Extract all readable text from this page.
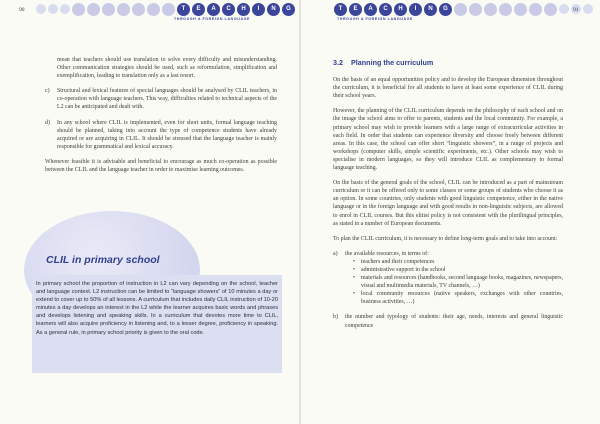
90	T	E	A	C	H	I	N	G
THROUGH A FOREIGN LANGUAGE
T	E	A	C	H	I	N	G
THROUGH A FOREIGN LANGUAGE
91

mean that teachers should use translation to solve every difficulty and misunderstanding. Other communication strategies should be used, such as reformulation, simplification and exemplification, leading to translation only as a last resort.

c)	Structural and lexical features of special languages should be analysed by CLIL teachers, in co-operation with language teachers. This way, difficulties related to technical aspects of the L2 can be anticipated and dealt with.
d)	In any school where CLIL is implemented, even for short units, formal language teaching should be planned, taking into account the type of competence students have already acquired or are acquiring in CLIL. It should be stressed that the language teacher is mainly responsible for grammatical and lexical accuracy.

Whenever feasible it is advisable and beneficial to encourage as much co-operation as possible between the CLIL and the language teacher in order to maximise learning outcomes.

CLIL in primary school
In primary school the proportion of instruction in L2 can vary depending on the school, teacher and language context. L2 instruction can be limited to “language showers” of 10 minutes a day or extend to cover up to 50% of all lessons. A curriculum that includes daily CLIL instruction of 10-20 minutes a day develops an interest in the L2 while the learner acquires basic words and phrases and develops listening and speaking skills. In a curriculum that devotes more time to CLIL, learners will also acquire proficiency in listening and, to a lesser degree, proficiency in speaking. As a general rule, in primary school priority is given to the oral code.
3.2 Planning the curriculum

On the basis of an equal opportunities policy and to develop the European dimension throughout the curriculum, it is beneficial for all students to have at least some experience of CLIL during their school years.

However, the planning of the CLIL curriculum depends on the philosophy of each school and on the image the school aims to offer to parents, students and the local community. For example, a primary school may wish to provide learners with a large range of extracurricular activities in each field. In order that students can experience diversity and choose freely between different areas. In this case, the school can offer short “linguistic showers”, in a range of projects and workshops (computer skills, simple scientific experiments, etc.). Other schools may wish to specialise in modern languages, so they will introduce CLIL as complementary to formal language teaching.

On the basis of the general goals of the school, CLIL can be introduced as a part of mainstream curriculum or it can be offered only to some classes or some groups of students who choose it as an option. In some countries, only students with good linguistic competence, either in the native language or in the foreign language and with good results in non-linguistic subjects, are allowed to enrol in CLIL courses. But this elitist policy is not consistent with the plurilingual principles, as stated in a number of European documents.

To plan the CLIL curriculum, it is necessary to define long-term goals and to take into account:

a)	the available resources, in terms of:
• teachers and their competences
• administrative support in the school
• materials and resources (handbooks, second language books, magazines, newspapers, visual and multimedia materials, TV channels, …)
• local community resources (native speakers, exchanges with other countries, business activities, …)
b)	the number and typology of students: their age, needs, interests and general linguistic competence
